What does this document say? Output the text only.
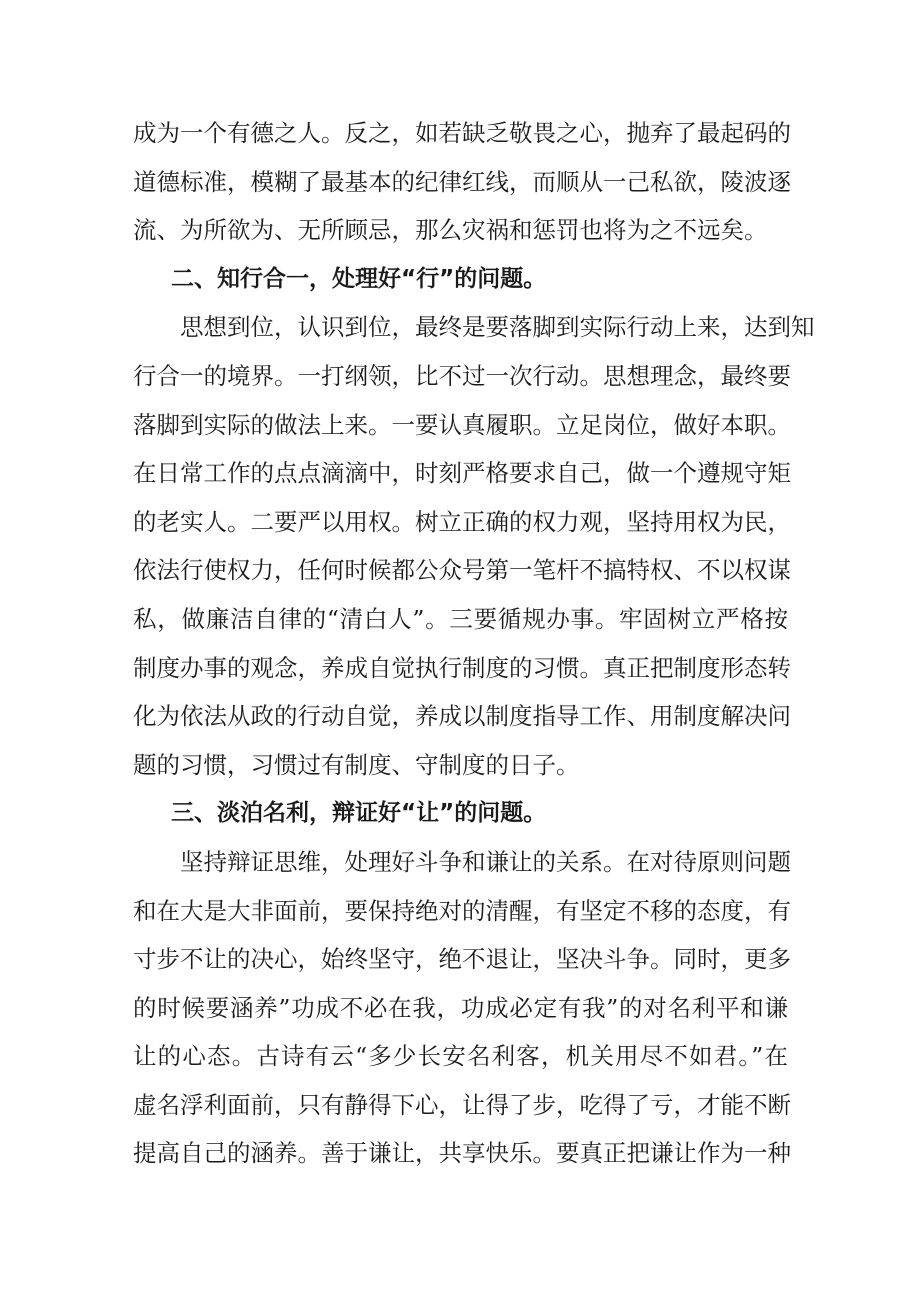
成为一个有德之人。反之，如若缺乏敬畏之心，抛弃了最起码的
道德标准，模糊了最基本的纪律红线，而顺从一己私欲，陵波逐
流、为所欲为、无所顾忌，那么灾祸和惩罚也将为之不远矣。

二、知行合一，处理好“行”的问题。

思想到位，认识到位，最终是要落脚到实际行动上来，达到知
行合一的境界。一打纲领，比不过一次行动。思想理念，最终要
落脚到实际的做法上来。一要认真履职。立足岗位，做好本职。
在日常工作的点点滴滴中，时刻严格要求自己，做一个遵规守矩
的老实人。二要严以用权。树立正确的权力观，坚持用权为民，
依法行使权力，任何时候都公众号第一笔杆不搞特权、不以权谋
私，做廉洁自律的“清白人”。三要循规办事。牢固树立严格按
制度办事的观念，养成自觉执行制度的习惯。真正把制度形态转
化为依法从政的行动自觉，养成以制度指导工作、用制度解决问
题的习惯，习惯过有制度、守制度的日子。

三、淡泊名利，辩证好“让”的问题。

坚持辩证思维，处理好斗争和谦让的关系。在对待原则问题
和在大是大非面前，要保持绝对的清醒，有坚定不移的态度，有
寸步不让的决心，始终坚守，绝不退让，坚决斗争。同时，更多
的时候要涵养”功成不必在我，功成必定有我”的对名利平和谦
让的心态。古诗有云“多少长安名利客，机关用尽不如君。”在
虚名浮利面前，只有静得下心，让得了步，吃得了亏，才能不断
提高自己的涵养。善于谦让，共享快乐。要真正把谦让作为一种
